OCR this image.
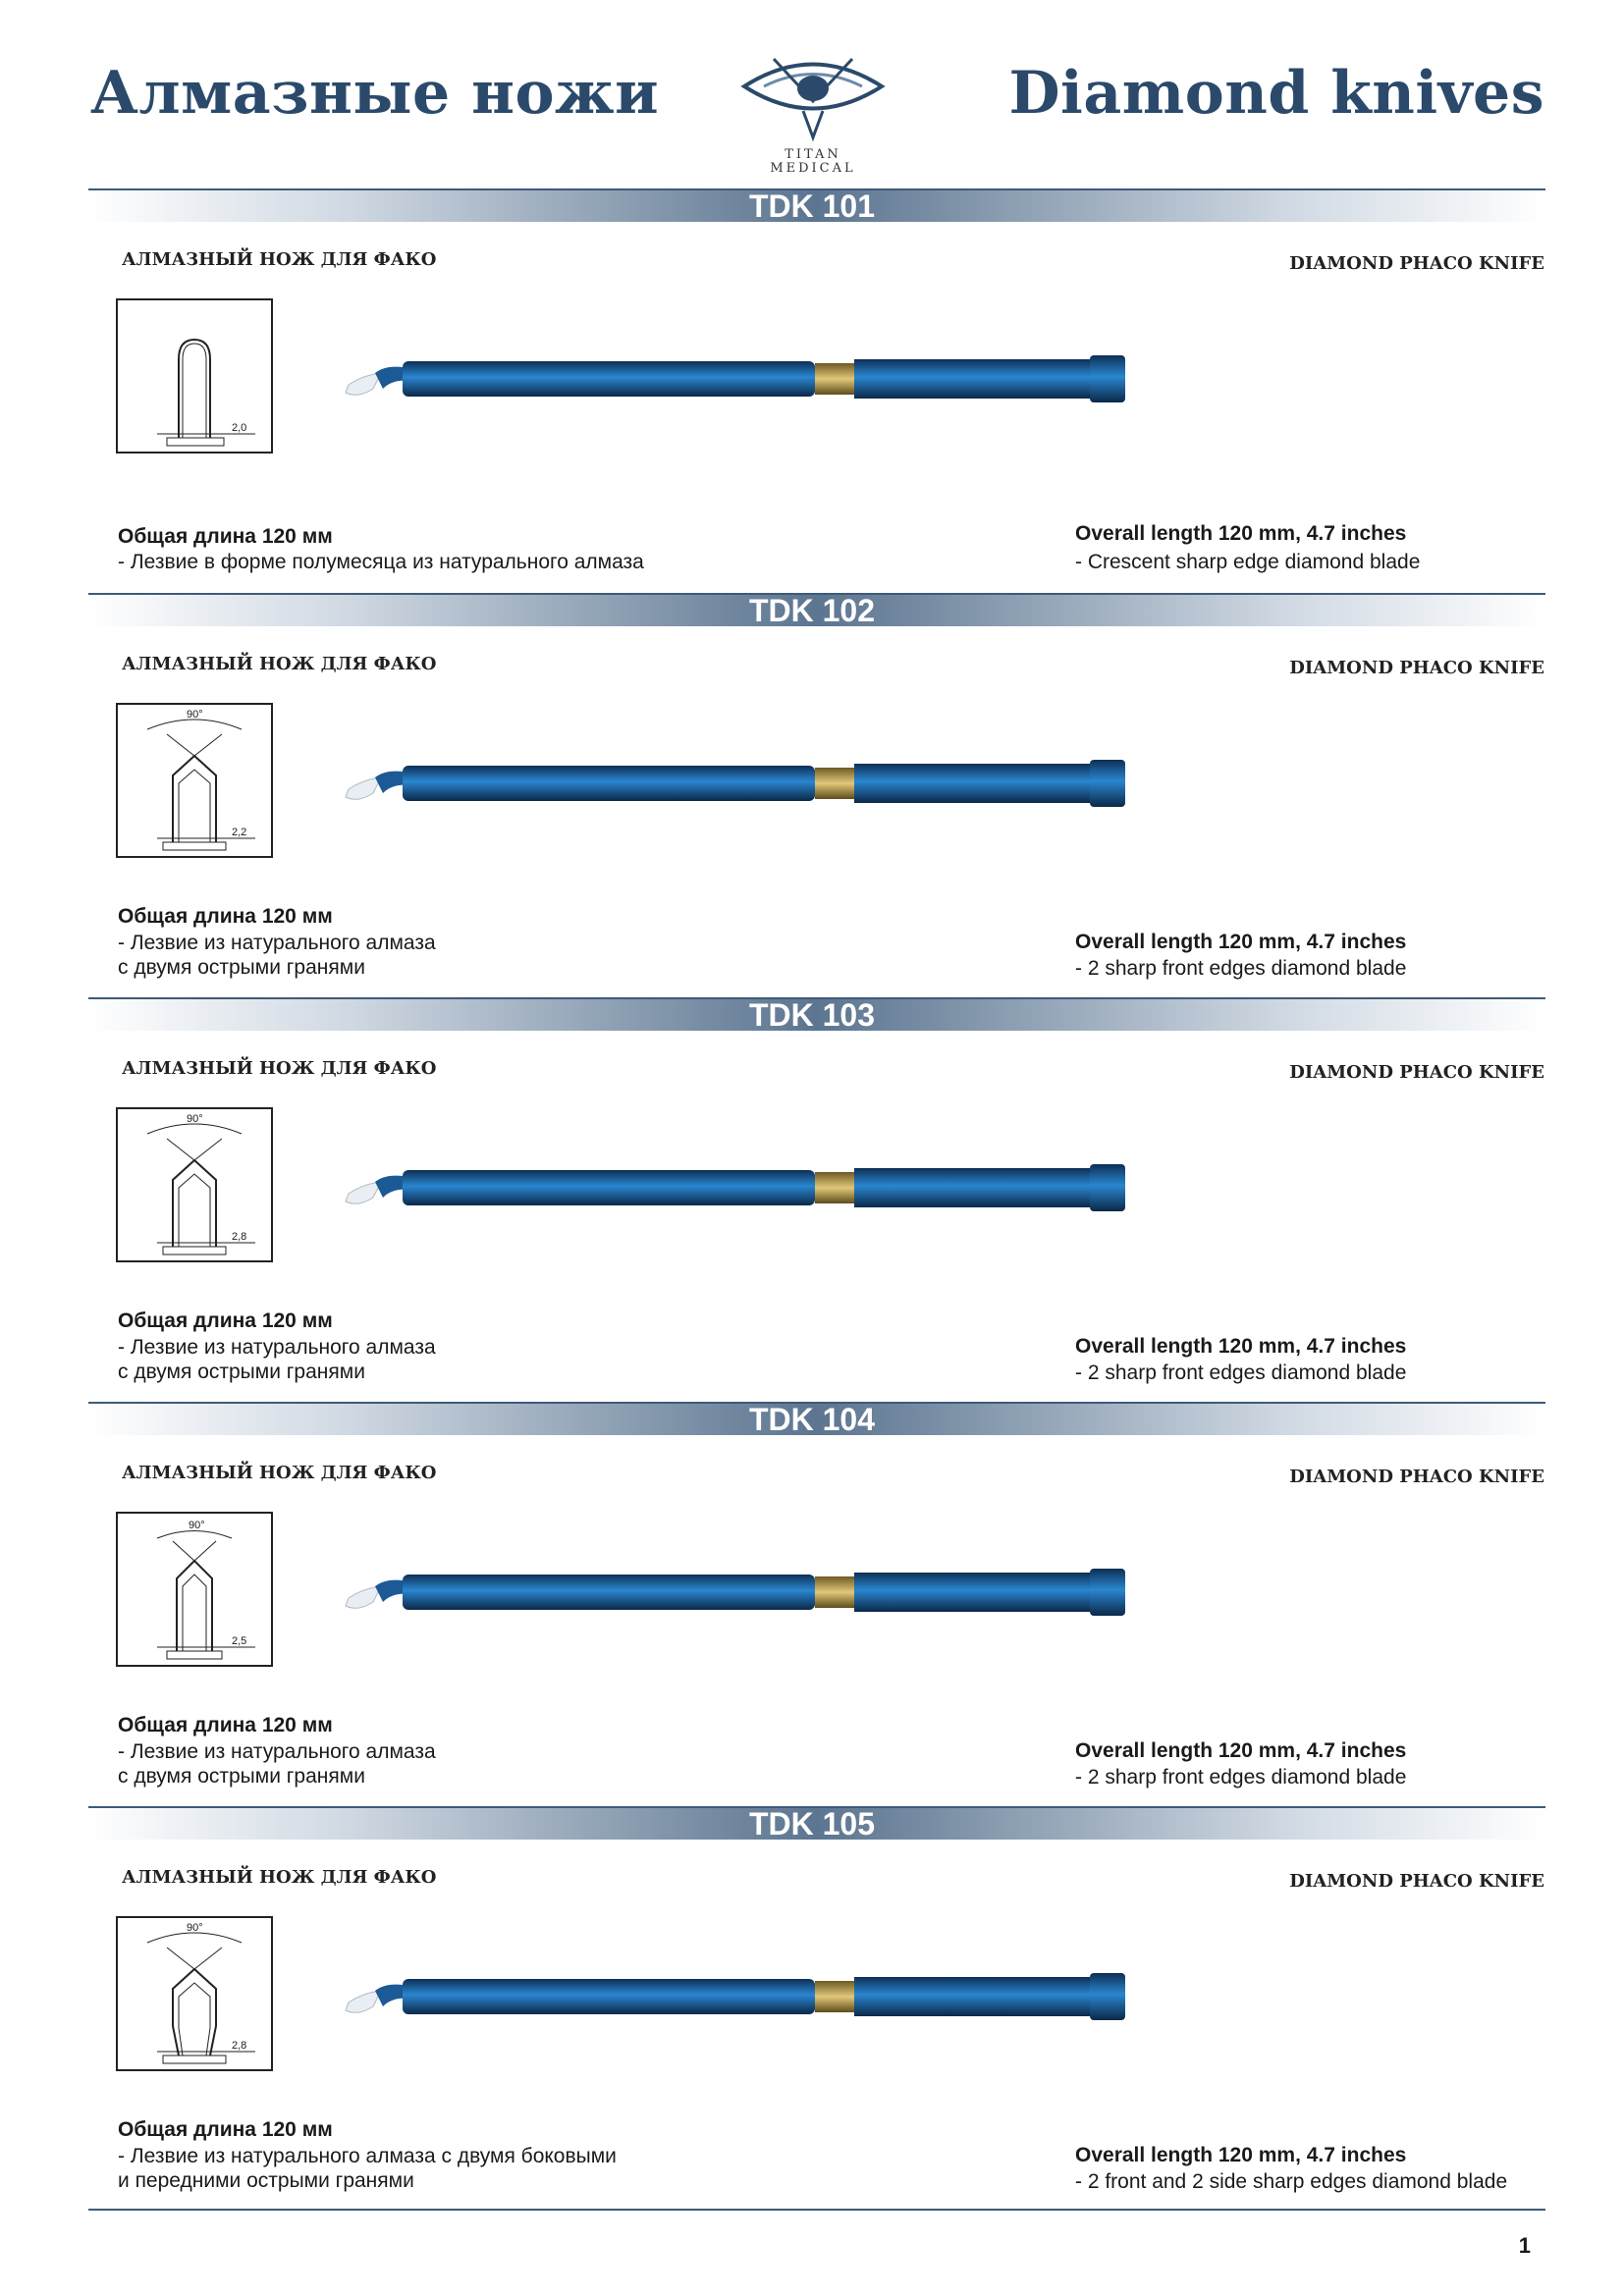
Алмазные ножи	Diamond knives
TITAN
MEDICAL
TDK 101
АЛМАЗНЫЙ НОЖ ДЛЯ ФАКО	DIAMOND PHACO KNIFE
2,0
Общая длина 120 мм
- Лезвие в форме полумесяца из натурального алмаза
Overall length 120 mm, 4.7 inches
- Crescent sharp edge diamond blade
TDK 102
АЛМАЗНЫЙ НОЖ ДЛЯ ФАКО	DIAMOND PHACO KNIFE
90°
2,2
Общая длина 120 мм
- Лезвие из натурального алмаза
с двумя острыми гранями
Overall length 120 mm, 4.7 inches
- 2 sharp front edges diamond blade
TDK 103
АЛМАЗНЫЙ НОЖ ДЛЯ ФАКО	DIAMOND PHACO KNIFE
90°
2,8
Общая длина 120 мм
- Лезвие из натурального алмаза
с двумя острыми гранями
Overall length 120 mm, 4.7 inches
- 2 sharp front edges diamond blade
TDK 104
АЛМАЗНЫЙ НОЖ ДЛЯ ФАКО	DIAMOND PHACO KNIFE
90°
2,5
Общая длина 120 мм
- Лезвие из натурального алмаза
с двумя острыми гранями
Overall length 120 mm, 4.7 inches
- 2 sharp front edges diamond blade
TDK 105
АЛМАЗНЫЙ НОЖ ДЛЯ ФАКО	DIAMOND PHACO KNIFE
90°
2,8
Общая длина 120 мм
- Лезвие из натурального алмаза с двумя боковыми
и передними острыми гранями
Overall length 120 mm, 4.7 inches
- 2 front and 2 side sharp edges diamond blade
1
